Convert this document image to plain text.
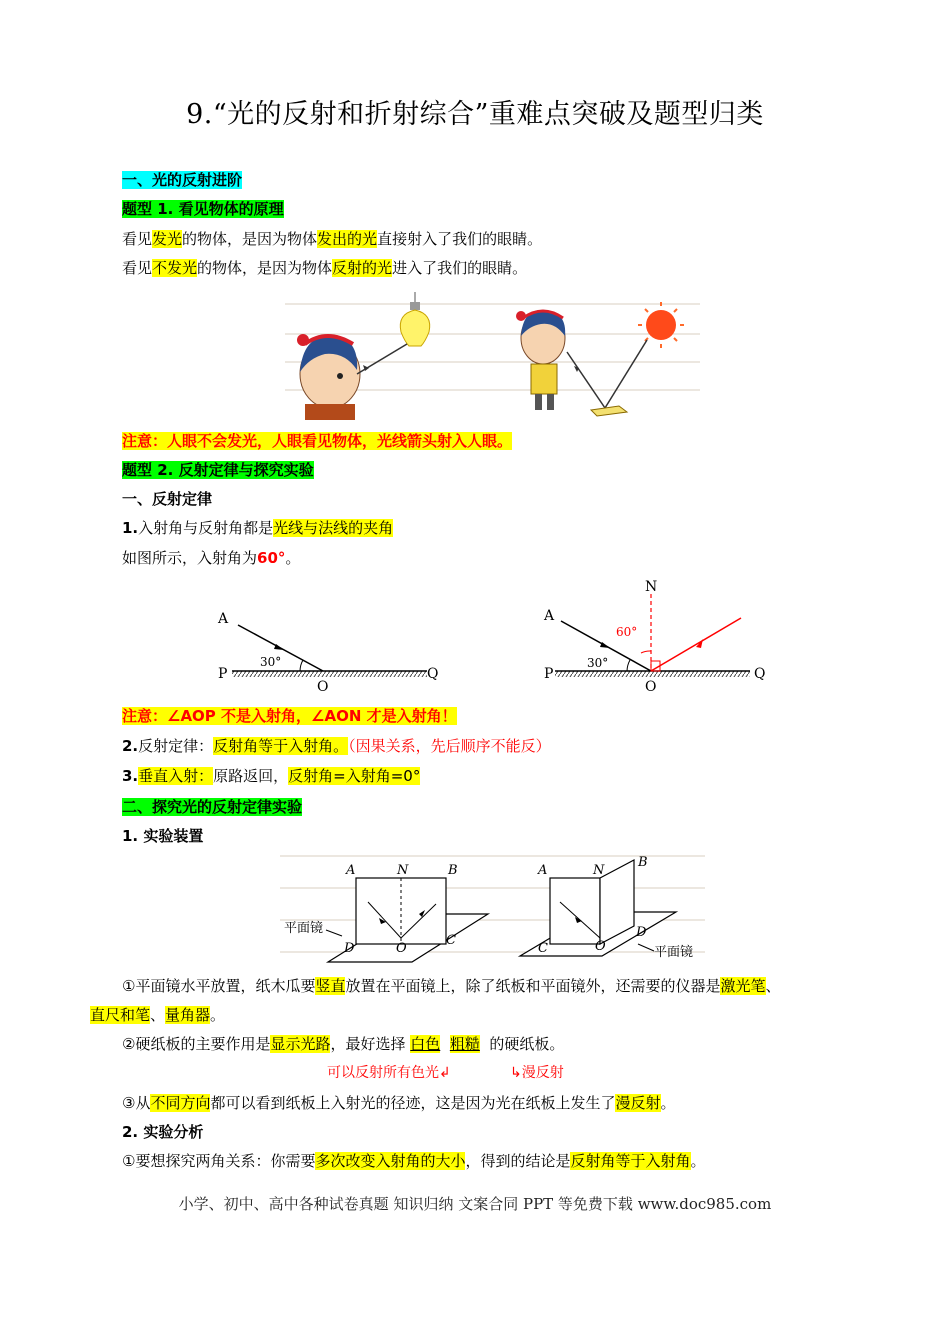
9.“光的反射和折射综合”重难点突破及题型归类
一、光的反射进阶
题型 1. 看见物体的原理
看见发光的物体，是因为物体发出的光直接射入了我们的眼睛。
看见不发光的物体，是因为物体反射的光进入了我们的眼睛。
注意：人眼不会发光，人眼看见物体，光线箭头射入人眼。
题型 2. 反射定律与探究实验
一、反射定律
1.入射角与反射角都是光线与法线的夹角
如图所示，入射角为60°。
A
P
O
Q
30°
N
A
P
O
Q
30°
60°
注意：∠AOP 不是入射角，∠AON 才是入射角！
2.反射定律：反射角等于入射角。（因果关系，先后顺序不能反）
3.垂直入射：原路返回，反射角=入射角=0°
二、探究光的反射定律实验
1. 实验装置
A	N	B
D	O
C
平面镜
A	N
B
C	O
D
平面镜
①平面镜水平放置，纸木瓜要竖直放置在平面镜上，除了纸板和平面镜外，还需要的仪器是激光笔、
直尺和笔、量角器。
②硬纸板的主要作用是显示光路，最好选择 白色 粗糙 的硬纸板。
可以反射所有色光↲	↳漫反射
③从不同方向都可以看到纸板上入射光的径迹，这是因为光在纸板上发生了漫反射。
2. 实验分析
①要想探究两角关系：你需要多次改变入射角的大小，得到的结论是反射角等于入射角。
小学、初中、高中各种试卷真题 知识归纳 文案合同 PPT 等免费下载 www.doc985.com
